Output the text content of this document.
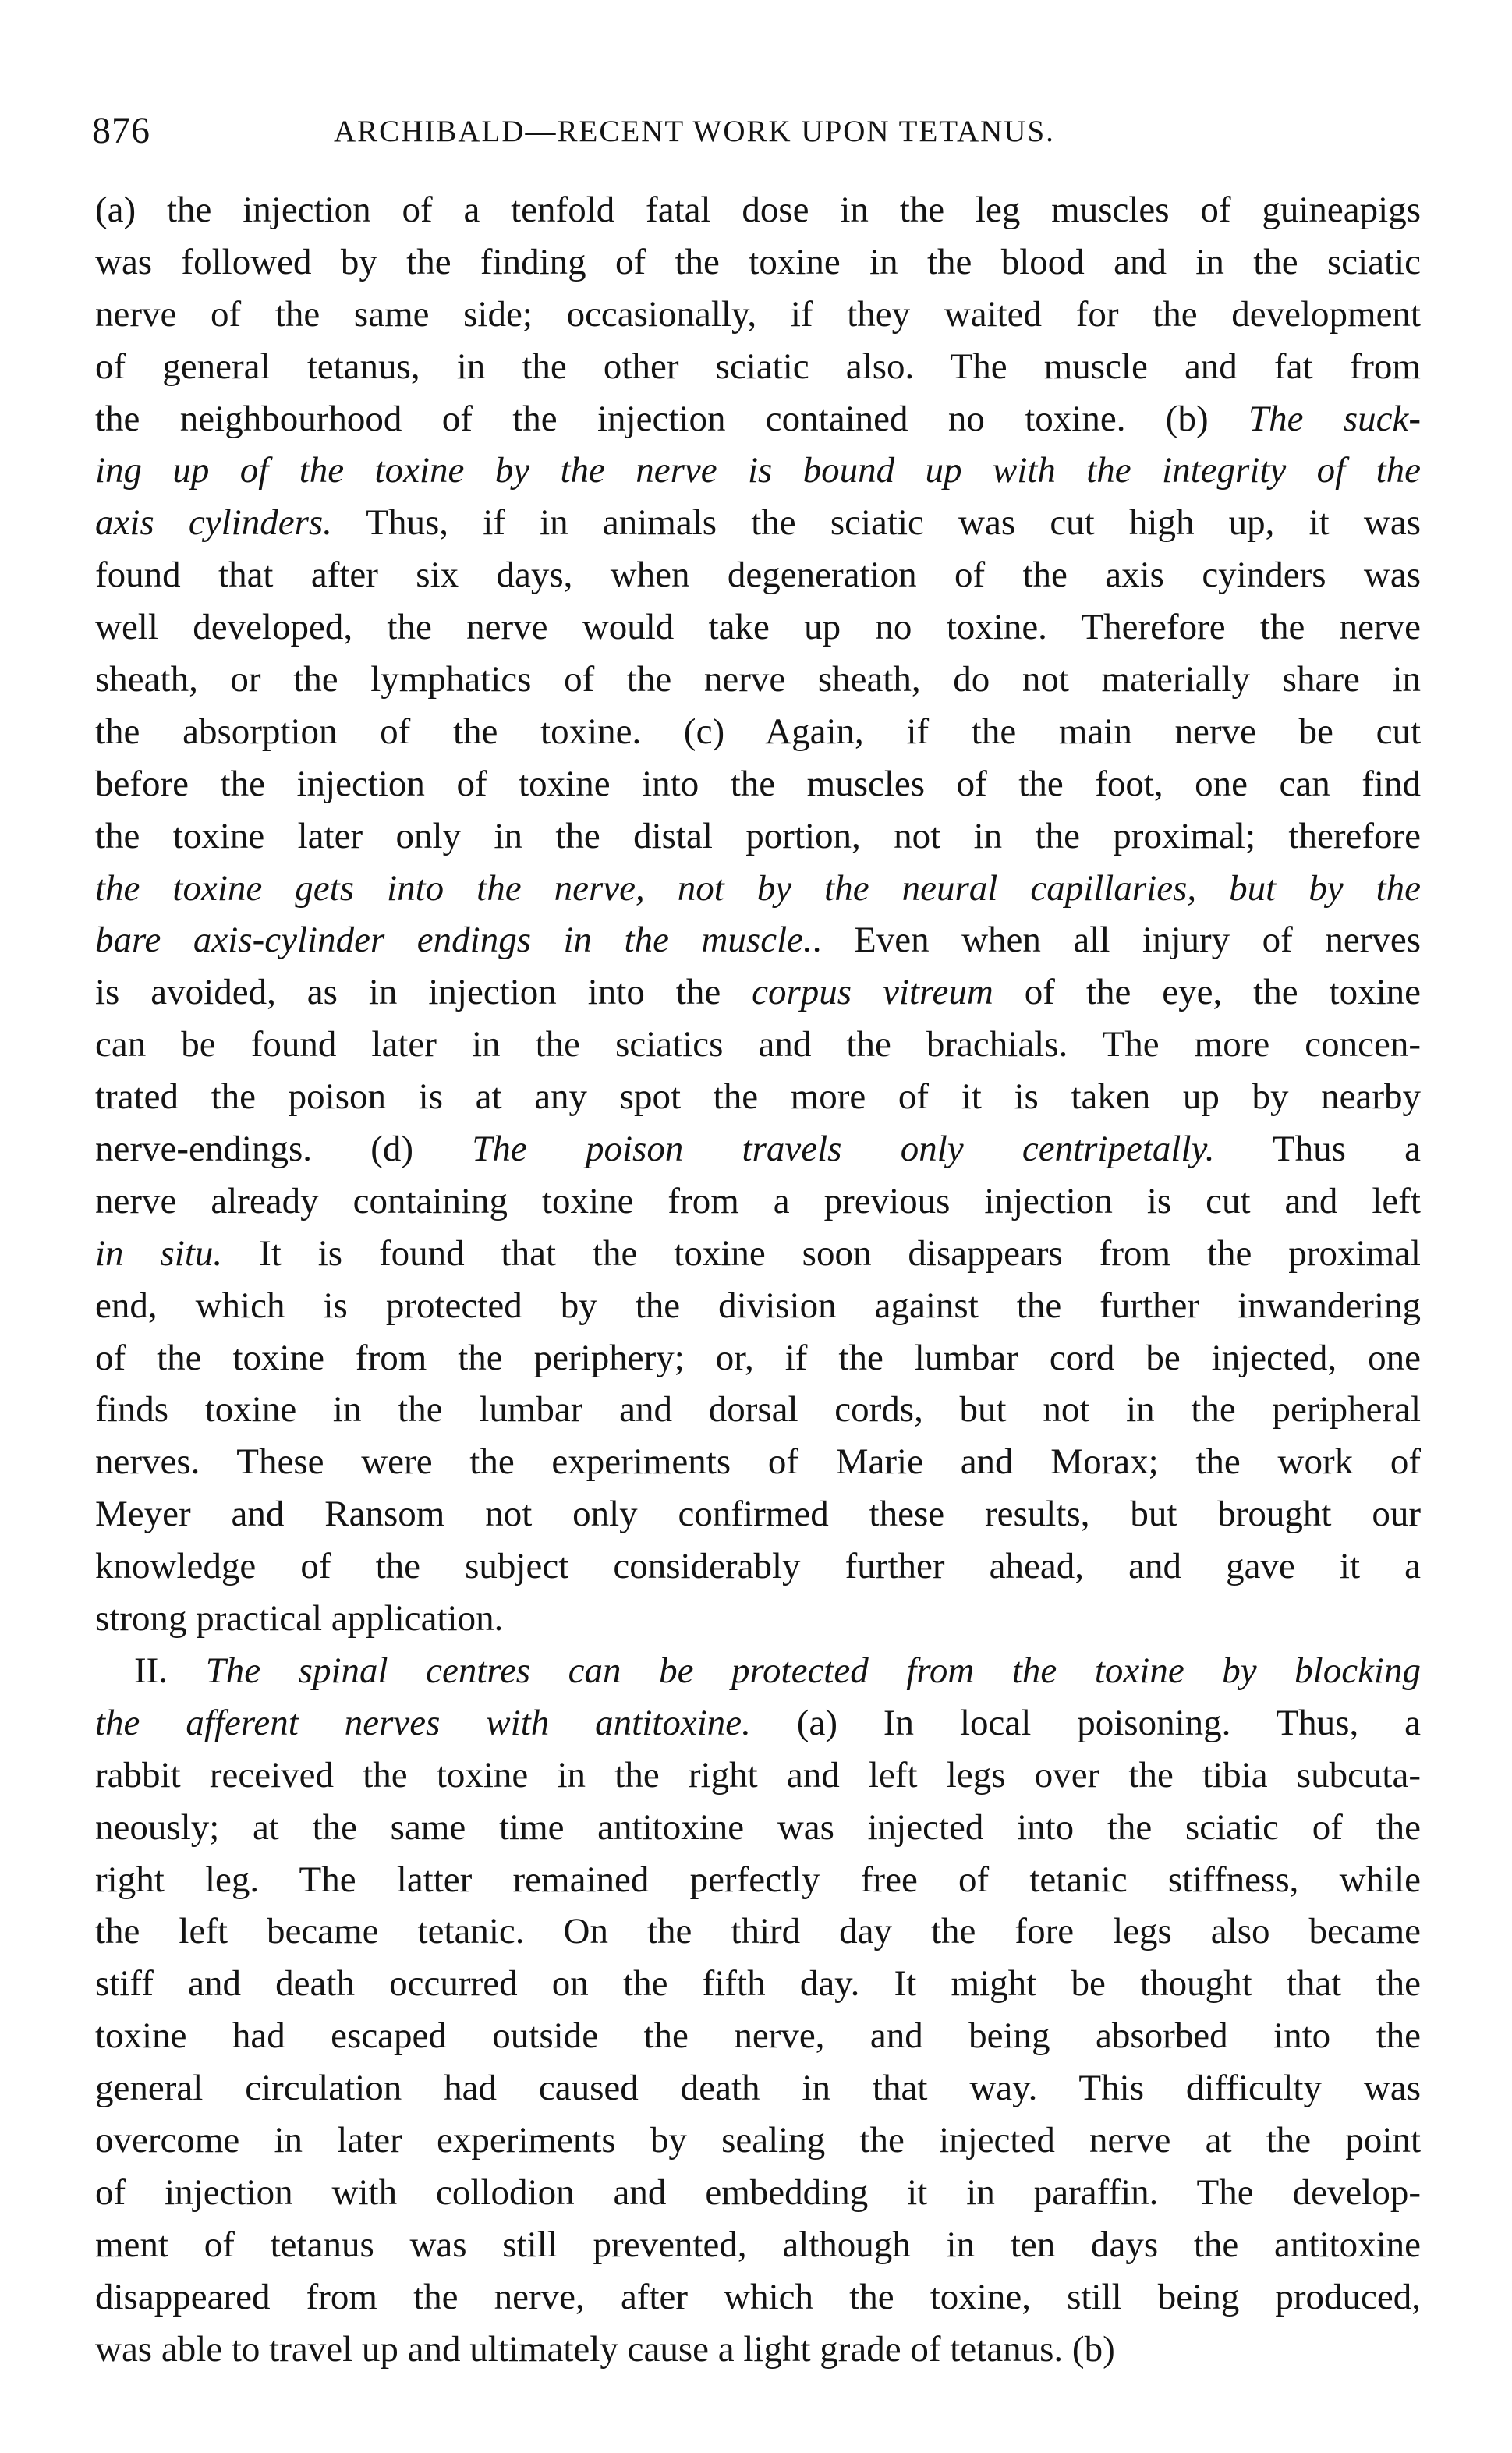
876	ARCHIBALD—RECENT WORK UPON TETANUS.
(a) the injection of a tenfold fatal dose in the leg muscles of guineapigs
was followed by the finding of the toxine in the blood and in the sciatic
nerve of the same side; occasionally, if they waited for the development
of general tetanus, in the other sciatic also. The muscle and fat from
the neighbourhood of the injection contained no toxine. (b) The suck-
ing up of the toxine by the nerve is bound up with the integrity of the
axis cylinders. Thus, if in animals the sciatic was cut high up, it was
found that after six days, when degeneration of the axis cyinders was
well developed, the nerve would take up no toxine. Therefore the nerve
sheath, or the lymphatics of the nerve sheath, do not materially share in
the absorption of the toxine. (c) Again, if the main nerve be cut
before the injection of toxine into the muscles of the foot, one can find
the toxine later only in the distal portion, not in the proximal; therefore
the toxine gets into the nerve, not by the neural capillaries, but by the
bare axis-cylinder endings in the muscle.. Even when all injury of nerves
is avoided, as in injection into the corpus vitreum of the eye, the toxine
can be found later in the sciatics and the brachials. The more concen-
trated the poison is at any spot the more of it is taken up by nearby
nerve-endings. (d) The poison travels only centripetally. Thus a
nerve already containing toxine from a previous injection is cut and left
in situ. It is found that the toxine soon disappears from the proximal
end, which is protected by the division against the further inwandering
of the toxine from the periphery; or, if the lumbar cord be injected, one
finds toxine in the lumbar and dorsal cords, but not in the peripheral
nerves. These were the experiments of Marie and Morax; the work of
Meyer and Ransom not only confirmed these results, but brought our
knowledge of the subject considerably further ahead, and gave it a
strong practical application.
II. The spinal centres can be protected from the toxine by blocking
the afferent nerves with antitoxine. (a) In local poisoning. Thus, a
rabbit received the toxine in the right and left legs over the tibia subcuta-
neously; at the same time antitoxine was injected into the sciatic of the
right leg. The latter remained perfectly free of tetanic stiffness, while
the left became tetanic. On the third day the fore legs also became
stiff and death occurred on the fifth day. It might be thought that the
toxine had escaped outside the nerve, and being absorbed into the
general circulation had caused death in that way. This difficulty was
overcome in later experiments by sealing the injected nerve at the point
of injection with collodion and embedding it in paraffin. The develop-
ment of tetanus was still prevented, although in ten days the antitoxine
disappeared from the nerve, after which the toxine, still being produced,
was able to travel up and ultimately cause a light grade of tetanus. (b)
